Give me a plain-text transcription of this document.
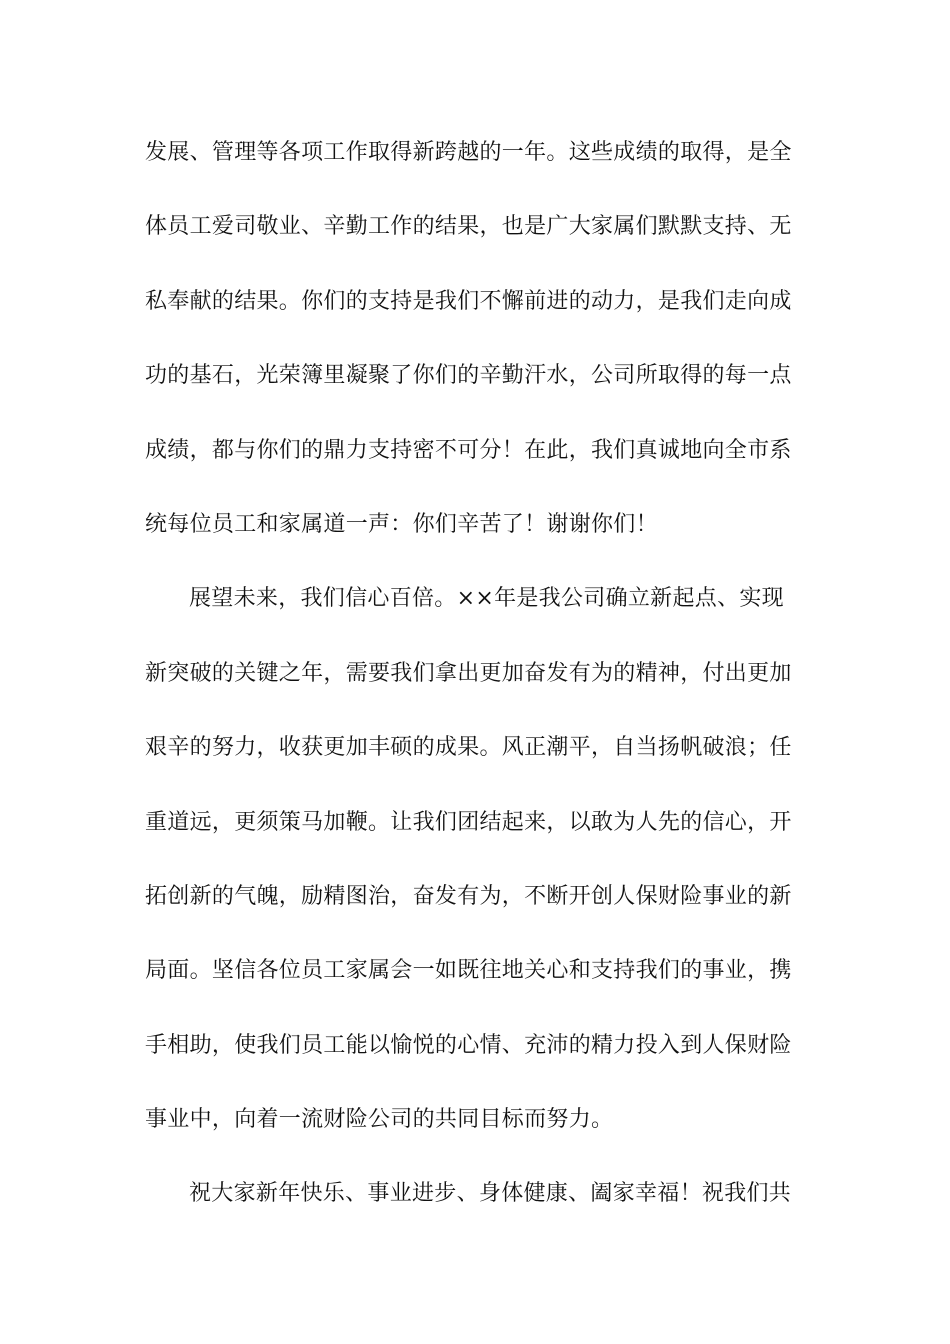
发展、管理等各项工作取得新跨越的一年。这些成绩的取得，是全
体员工爱司敬业、辛勤工作的结果，也是广大家属们默默支持、无
私奉献的结果。你们的支持是我们不懈前进的动力，是我们走向成
功的基石，光荣簿里凝聚了你们的辛勤汗水，公司所取得的每一点
成绩，都与你们的鼎力支持密不可分！在此，我们真诚地向全市系
统每位员工和家属道一声：你们辛苦了！谢谢你们！
展望未来，我们信心百倍。××年是我公司确立新起点、实现
新突破的关键之年，需要我们拿出更加奋发有为的精神，付出更加
艰辛的努力，收获更加丰硕的成果。风正潮平，自当扬帆破浪；任
重道远，更须策马加鞭。让我们团结起来，以敢为人先的信心，开
拓创新的气魄，励精图治，奋发有为，不断开创人保财险事业的新
局面。坚信各位员工家属会一如既往地关心和支持我们的事业，携
手相助，使我们员工能以愉悦的心情、充沛的精力投入到人保财险
事业中，向着一流财险公司的共同目标而努力。
祝大家新年快乐、事业进步、身体健康、阖家幸福！祝我们共
